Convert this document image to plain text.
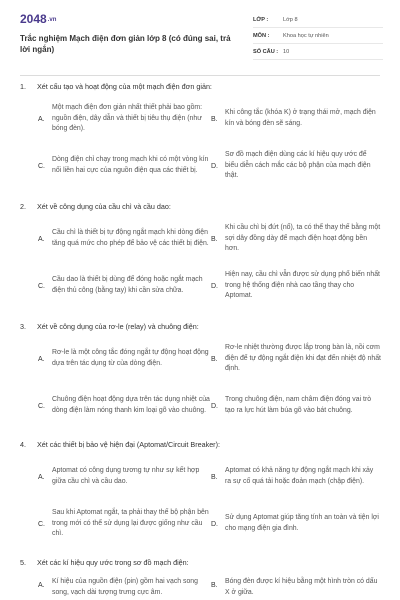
2048.vn
Trắc nghiệm Mạch điện đơn giản lớp 8 (có đúng sai, trả lời ngắn)
LỚP :	Lớp 8
MÔN :	Khoa học tự nhiên
SỐ CÂU : 10
1. Xét cấu tạo và hoạt động của một mạch điện đơn giản:
A.
Một mạch điện đơn giản nhất thiết phải bao gồm: nguồn điện, dây dẫn và thiết bị tiêu thụ điện (như bóng đèn).
B.
Khi công tắc (khóa K) ở trạng thái mở, mạch điện kín và bóng đèn sẽ sáng.
C.
Dòng điện chỉ chạy trong mạch khi có một vòng kín nối liền hai cực của nguồn điện qua các thiết bị.
D.
Sơ đồ mạch điện dùng các kí hiệu quy ước để biểu diễn cách mắc các bộ phận của mạch điện thật.
2. Xét về công dụng của cầu chì và cầu dao:
A.
Cầu chì là thiết bị tự động ngắt mạch khi dòng điện tăng quá mức cho phép để bảo vệ các thiết bị điện.
B.
Khi cầu chì bị đứt (nổ), ta có thể thay thế bằng một sợi dây đồng dày để mạch điện hoạt động bền hơn.
C.
Cầu dao là thiết bị dùng để đóng hoặc ngắt mạch điện thủ công (bằng tay) khi cần sửa chữa.
D.
Hiện nay, cầu chì vẫn được sử dụng phổ biến nhất trong hệ thống điện nhà cao tầng thay cho Aptomat.
3. Xét về công dụng của rơ-le (relay) và chuông điện:
A.
Rơ-le là một công tắc đóng ngắt tự động hoạt động dựa trên tác dụng từ của dòng điện.
B.
Rơ-le nhiệt thường được lắp trong bàn là, nồi cơm điện để tự động ngắt điện khi đạt đến nhiệt độ nhất định.
C.
Chuông điện hoạt động dựa trên tác dụng nhiệt của dòng điện làm nóng thanh kim loại gõ vào chuông.
D.
Trong chuông điện, nam châm điện đóng vai trò tạo ra lực hút làm búa gõ vào bát chuông.
4. Xét các thiết bị bảo vệ hiện đại (Aptomat/Circuit Breaker):
A.
Aptomat có công dụng tương tự như sự kết hợp giữa cầu chì và cầu dao.
B.
Aptomat có khả năng tự động ngắt mạch khi xảy ra sự cố quá tải hoặc đoản mạch (chập điện).
C.
Sau khi Aptomat ngắt, ta phải thay thế bộ phận bên trong mới có thể sử dụng lại được giống như cầu chì.
D.
Sử dụng Aptomat giúp tăng tính an toàn và tiện lợi cho mạng điện gia đình.
5. Xét các kí hiệu quy ước trong sơ đồ mạch điện:
A.
Kí hiệu của nguồn điện (pin) gồm hai vạch song song, vạch dài tượng trưng cực âm.
B.
Bóng đèn được kí hiệu bằng một hình tròn có dấu X ở giữa.
